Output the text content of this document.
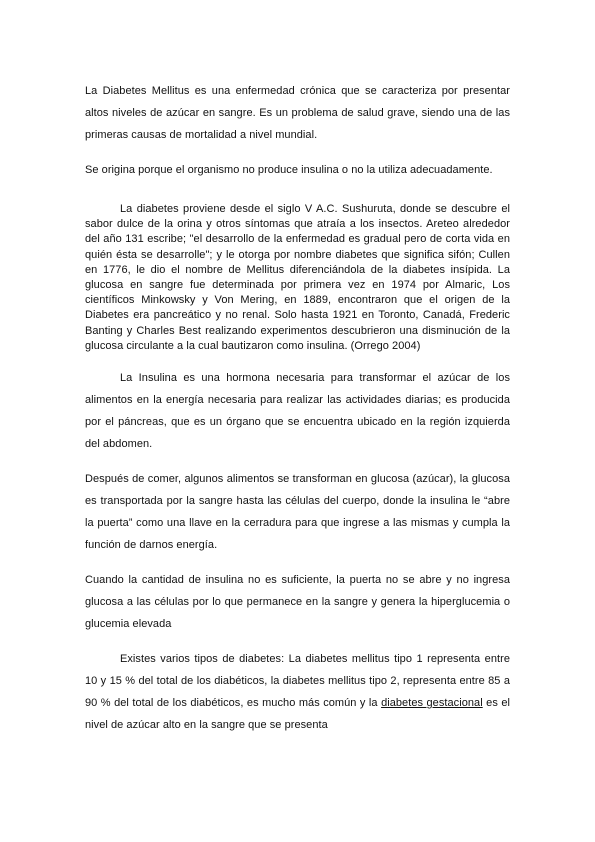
La Diabetes Mellitus es una enfermedad crónica que se caracteriza por presentar altos niveles de azúcar en sangre. Es un problema de salud grave, siendo una de las primeras causas de mortalidad a nivel mundial.

Se origina porque el organismo no produce insulina o no la utiliza adecuadamente.

La diabetes proviene desde el siglo V A.C. Sushuruta, donde se descubre el sabor dulce de la orina y otros síntomas que atraía a los insectos. Areteo alrededor del año 131 escribe; "el desarrollo de la enfermedad es gradual pero de corta vida en quién ésta se desarrolle"; y le otorga por nombre diabetes que significa sifón; Cullen en 1776, le dio el nombre de Mellitus diferenciándola de la diabetes insípida. La glucosa en sangre fue determinada por primera vez en 1974 por Almaric, Los científicos Minkowsky y Von Mering, en 1889, encontraron que el origen de la Diabetes era pancreático y no renal. Solo hasta 1921 en Toronto, Canadá, Frederic Banting y Charles Best realizando experimentos descubrieron una disminución de la glucosa circulante a la cual bautizaron como insulina. (Orrego 2004)

La Insulina es una hormona necesaria para transformar el azúcar de los alimentos en la energía necesaria para realizar las actividades diarias; es producida por el páncreas, que es un órgano que se encuentra ubicado en la región izquierda del abdomen.

Después de comer, algunos alimentos se transforman en glucosa (azúcar), la glucosa es transportada por la sangre hasta las células del cuerpo, donde la insulina le “abre la puerta” como una llave en la cerradura para que ingrese a las mismas y cumpla la función de darnos energía.

Cuando la cantidad de insulina no es suficiente, la puerta no se abre y no ingresa glucosa a las células por lo que permanece en la sangre y genera la hiperglucemia o glucemia elevada

Existes varios tipos de diabetes: La diabetes mellitus tipo 1 representa entre 10 y 15 % del total de los diabéticos, la diabetes mellitus tipo 2, representa entre 85 a 90 % del total de los diabéticos, es mucho más común y la diabetes gestacional es el nivel de azúcar alto en la sangre que se presenta
